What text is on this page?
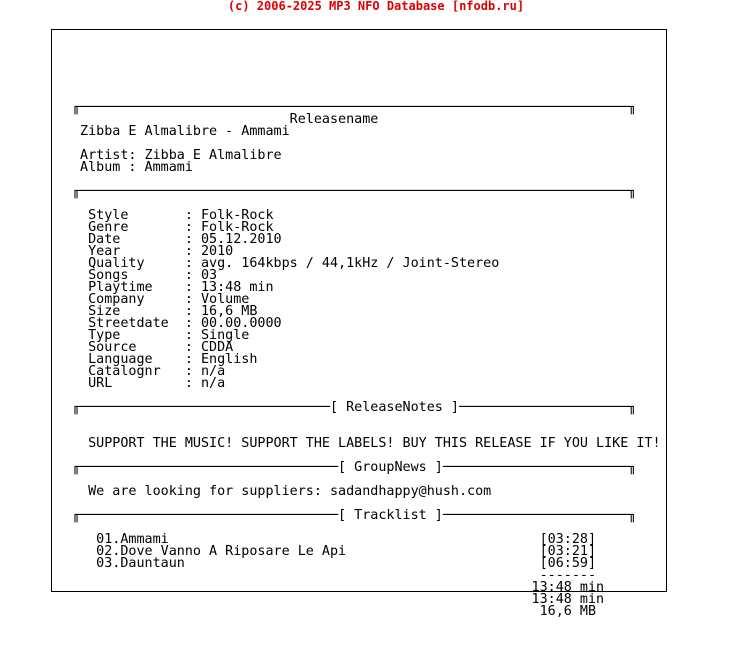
(c) 2006-2025 MP3 NFO Database [nfodb.ru]
╓────────────────────────────────────────────────────────────────────╖
Releasename
Zibba E Almalibre - Ammami
Artist: Zibba E Almalibre
Album : Ammami
╓────────────────────────────────────────────────────────────────────╖
Style       : Folk-Rock
Genre       : Folk-Rock
Date        : 05.12.2010
Year        : 2010
Quality     : avg. 164kbps / 44,1kHz / Joint-Stereo
Songs       : 03
Playtime    : 13:48 min
Company     : Volume
Size        : 16,6 MB
Streetdate  : 00.00.0000
Type        : Single
Source      : CDDA
Language    : English
Catalognr   : n/a
URL         : n/a
╓───────────────────────────────[ ReleaseNotes ]─────────────────────╖
SUPPORT THE MUSIC! SUPPORT THE LABELS! BUY THIS RELEASE IF YOU LIKE IT!
╓────────────────────────────────[ GroupNews ]───────────────────────╖
We are looking for suppliers: sadandhappy@hush.com
╓────────────────────────────────[ Tracklist ]───────────────────────╖
01.Ammami                                              [03:28]
02.Dove Vanno A Riposare Le Api                        [03:21]
03.Dauntaun                                            [06:59]
-------
13:48 min
13:48 min
16,6 MB
